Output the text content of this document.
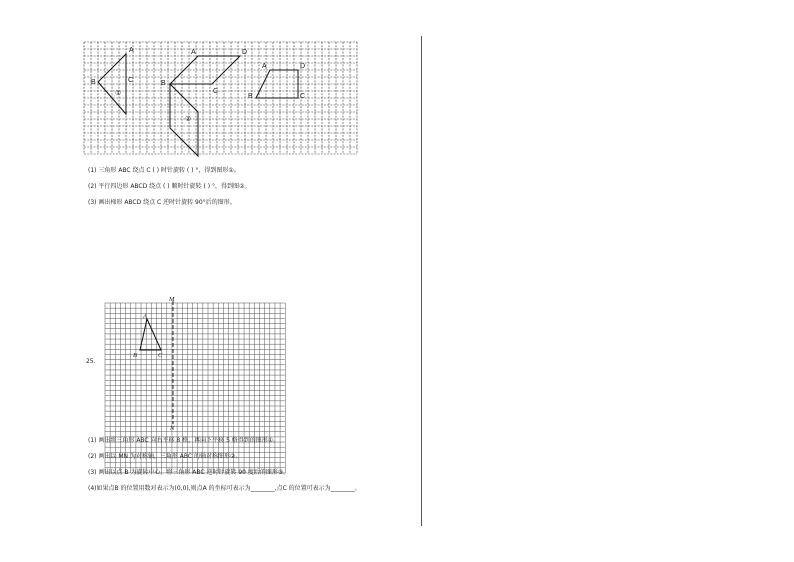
A
B	C
①
A	D
B
C
②
A	D
B	C
(1) 三角形 ABC 绕点 C ( ) 时针旋转 ( ) °，得到图形①。
(2) 平行四边形 ABCD 绕点 ( ) 顺时针旋转 ( ) °，得到图②。
(3) 画出梯形 ABCD 绕点 C 逆时针旋转 90°后的图形。
25.
M
N
A
B	C
(1) 画出将三角形 ABC 向右平移 8 格，再向下平移 5 格得到的图形①。
(2) 画出以 MN 为对称轴，三角形 ABC 的轴对称图形②。
(3) 画出以点 B 为旋转中心，将三角形 ABC 逆时针旋转 90 度后的图形③。
(4)如果点B 的位置用数对表示为(0,0),则点A 的坐标可表示为________,点C 的位置可表示为________。
